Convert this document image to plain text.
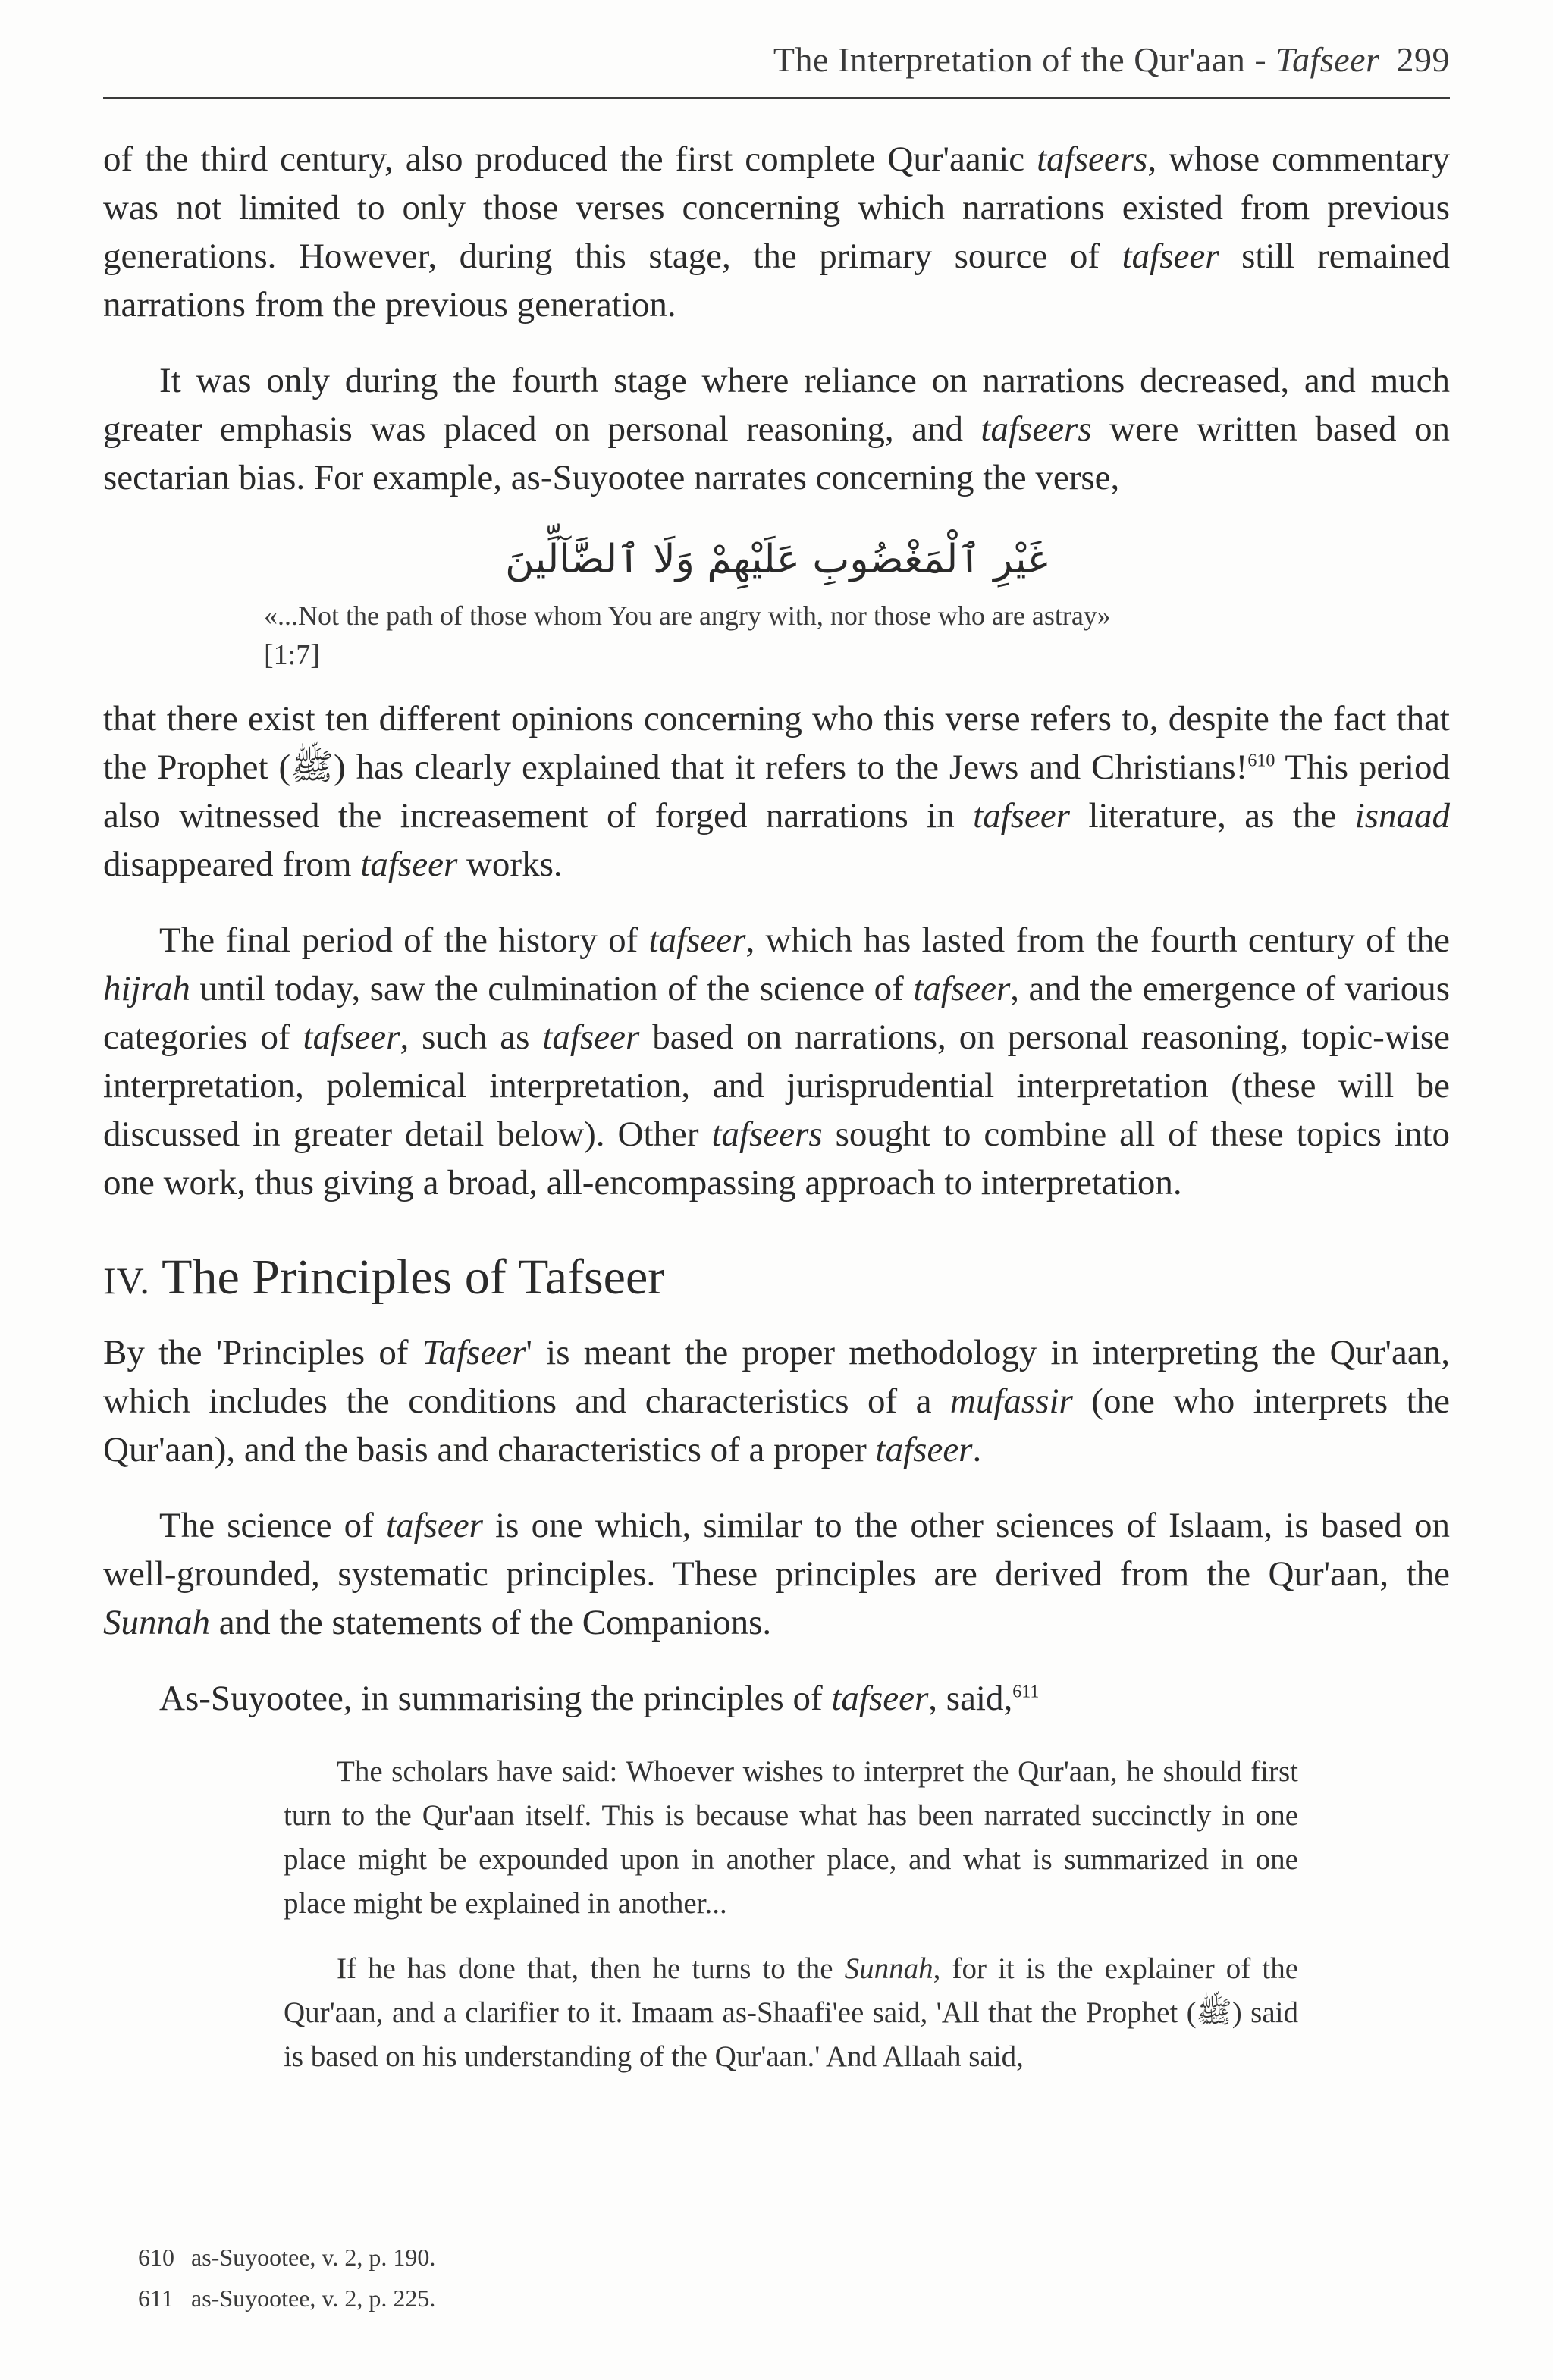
The Interpretation of the Qur'aan - Tafseer 299

of the third century, also produced the first complete Qur'aanic tafseers, whose commentary was not limited to only those verses concerning which narrations existed from previous generations. However, during this stage, the primary source of tafseer still remained narrations from the previous generation.

It was only during the fourth stage where reliance on narrations decreased, and much greater emphasis was placed on personal reasoning, and tafseers were written based on sectarian bias. For example, as-Suyootee narrates concerning the verse,

غَيْرِ ٱلْمَغْضُوبِ عَلَيْهِمْ وَلَا ٱلضَّآلِّينَ
«...Not the path of those whom You are angry with, nor those who are astray»
[1:7]

that there exist ten different opinions concerning who this verse refers to, despite the fact that the Prophet (ﷺ) has clearly explained that it refers to the Jews and Christians!$^{610}$ This period also witnessed the increasement of forged narrations in tafseer literature, as the isnaad disappeared from tafseer works.

The final period of the history of tafseer, which has lasted from the fourth century of the hijrah until today, saw the culmination of the science of tafseer, and the emergence of various categories of tafseer, such as tafseer based on narrations, on personal reasoning, topic-wise interpretation, polemical interpretation, and jurisprudential interpretation (these will be discussed in greater detail below). Other tafseers sought to combine all of these topics into one work, thus giving a broad, all-encompassing approach to interpretation.

IV. The Principles of Tafseer

By the 'Principles of Tafseer' is meant the proper methodology in interpreting the Qur'aan, which includes the conditions and characteristics of a mufassir (one who interprets the Qur'aan), and the basis and characteristics of a proper tafseer.

The science of tafseer is one which, similar to the other sciences of Islaam, is based on well-grounded, systematic principles. These principles are derived from the Qur'aan, the Sunnah and the statements of the Companions.

As-Suyootee, in summarising the principles of tafseer, said,$^{611}$

The scholars have said: Whoever wishes to interpret the Qur'aan, he should first turn to the Qur'aan itself. This is because what has been narrated succinctly in one place might be expounded upon in another place, and what is summarized in one place might be explained in another...

If he has done that, then he turns to the Sunnah, for it is the explainer of the Qur'aan, and a clarifier to it. Imaam as-Shaafi'ee said, 'All that the Prophet (ﷺ) said is based on his understanding of the Qur'aan.' And Allaah said,

610 as-Suyootee, v. 2, p. 190.
611 as-Suyootee, v. 2, p. 225.
